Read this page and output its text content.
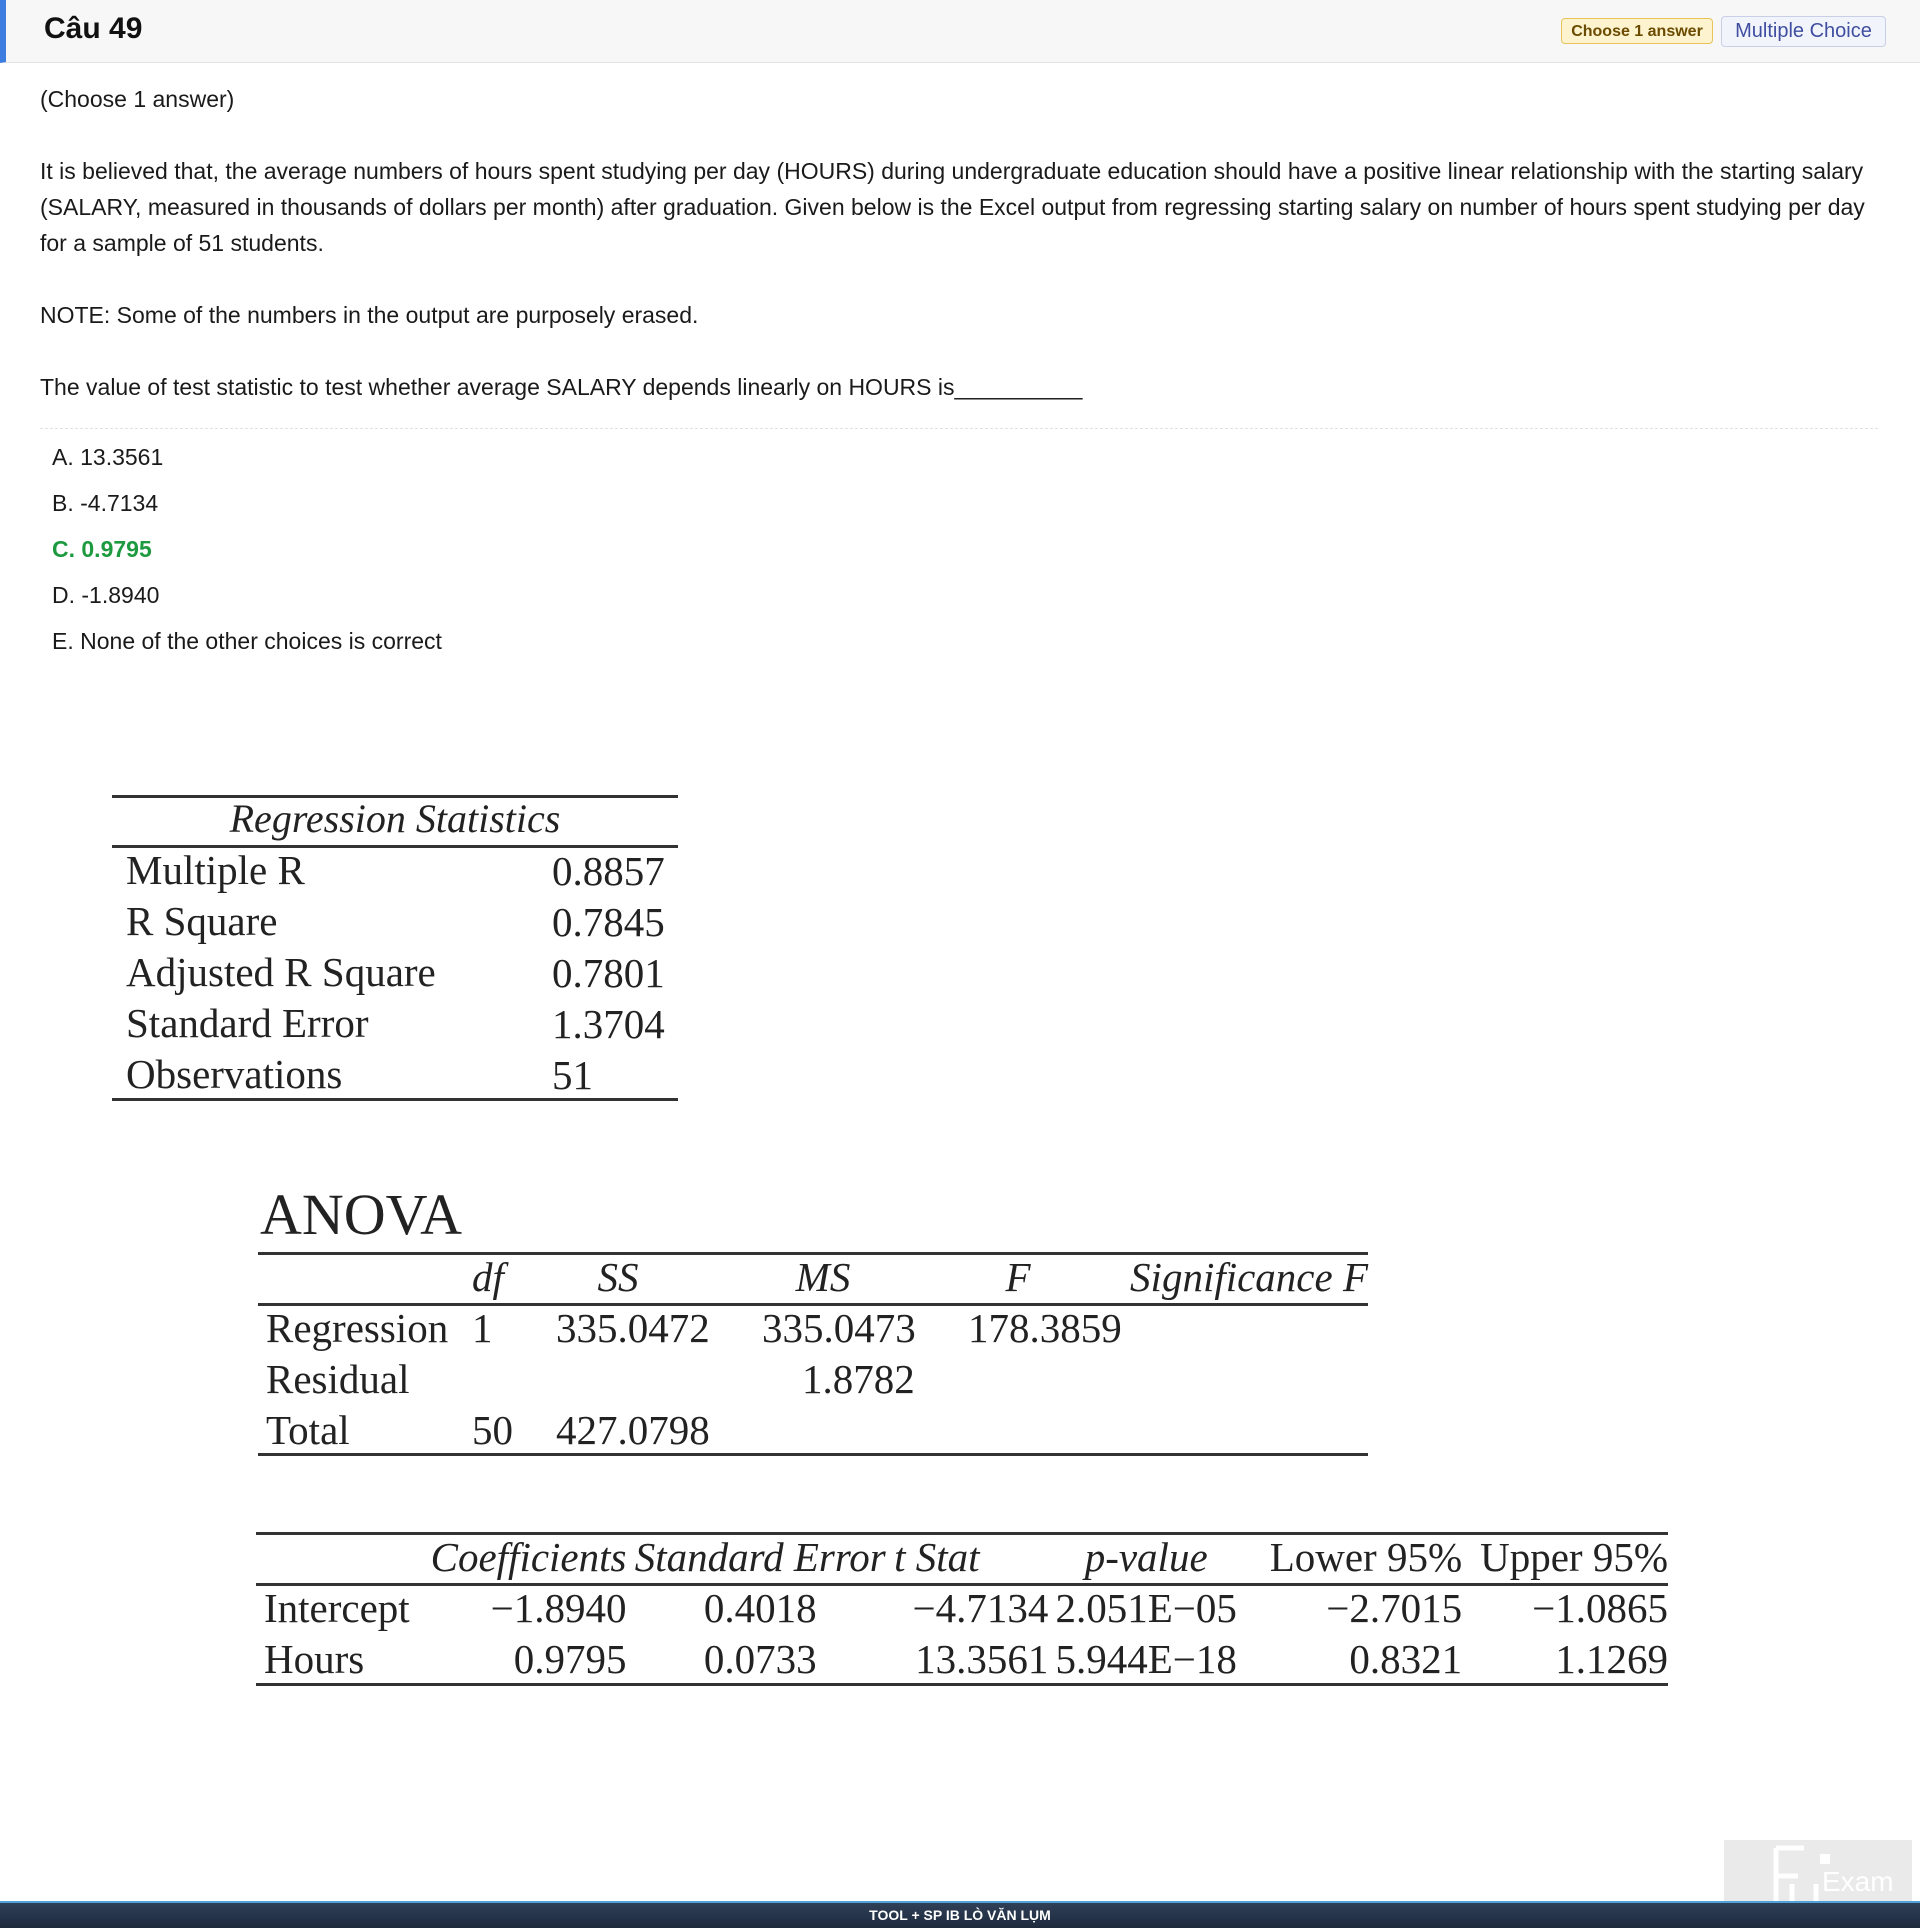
Câu 49	Choose 1 answer	Multiple Choice
(Choose 1 answer)
It is believed that, the average numbers of hours spent studying per day (HOURS) during undergraduate education should have a positive linear relationship with the starting salary (SALARY, measured in thousands of dollars per month) after graduation. Given below is the Excel output from regressing starting salary on number of hours spent studying per day for a sample of 51 students.
NOTE: Some of the numbers in the output are purposely erased.
The value of test statistic to test whether average SALARY depends linearly on HOURS is__________
A. 13.3561
B. -4.7134
C. 0.9795
D. -1.8940
E. None of the other choices is correct
Regression Statistics
Multiple R	0.8857
R Square	0.7845
Adjusted R Square	0.7801
Standard Error	1.3704
Observations	51
ANOVA
	df	SS	MS	F	Significance F
Regression	1	335.0472	335.0473	178.3859	
Residual			1.8782		
Total	50	427.0798			
	Coefficients	Standard Error	t Stat	p-value	Lower 95%	Upper 95%
Intercept	−1.8940	0.4018	−4.7134	2.051E−05	−2.7015	−1.0865
Hours	0.9795	0.0733	13.3561	5.944E−18	0.8321	1.1269
Exam
TOOL + SP IB LÒ VĂN LỤM
